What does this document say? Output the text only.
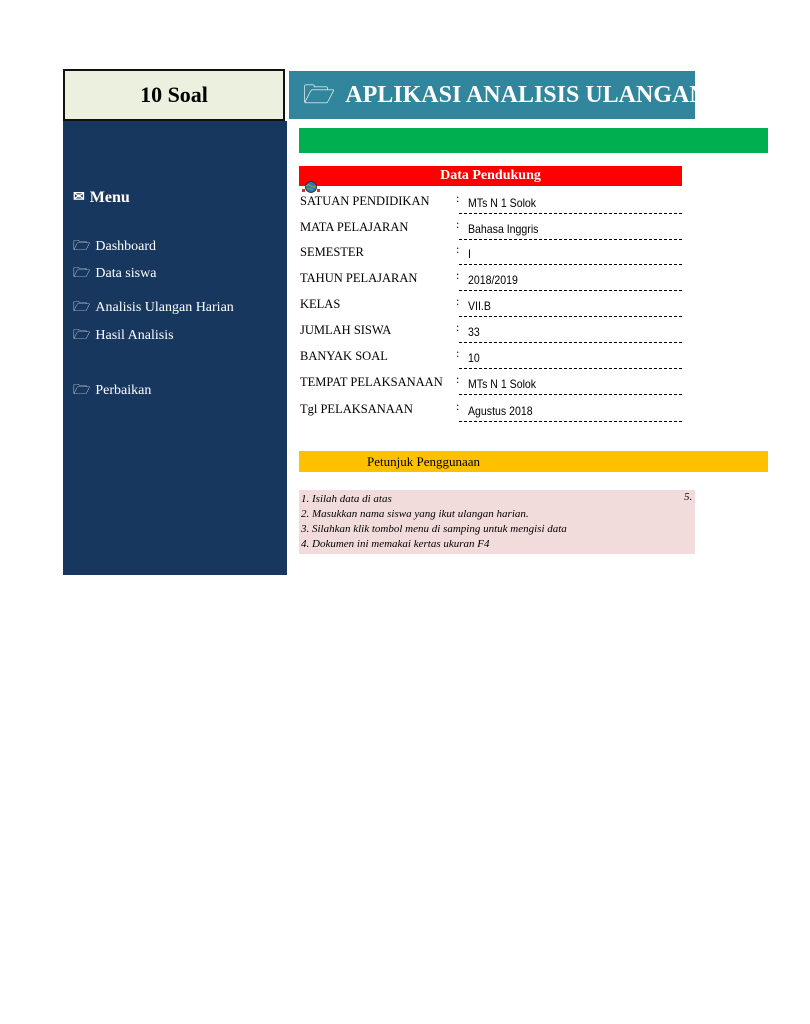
10 Soal
✉ Menu
🗁 Dashboard
🗁 Data siswa
🗁 Analisis Ulangan Harian
🗁 Hasil Analisis
🗁 Perbaikan
🗁 APLIKASI ANALISIS ULANGAN HARIAN
Data Pendukung
SATUAN PENDIDIKAN : MTs N 1 Solok
MATA PELAJARAN	: Bahasa Inggris
SEMESTER	: I
TAHUN PELAJARAN	: 2018/2019
KELAS	: VII.B
JUMLAH SISWA	: 33
BANYAK SOAL	: 10
TEMPAT PELAKSANAAN : MTs N 1 Solok
Tgl PELAKSANAAN	: Agustus 2018
Petunjuk Penggunaan
1. Isilah data di atas
2. Masukkan nama siswa yang ikut ulangan harian.
3. Silahkan klik tombol menu di samping untuk mengisi data
4. Dokumen ini memakai kertas ukuran F4
5.
